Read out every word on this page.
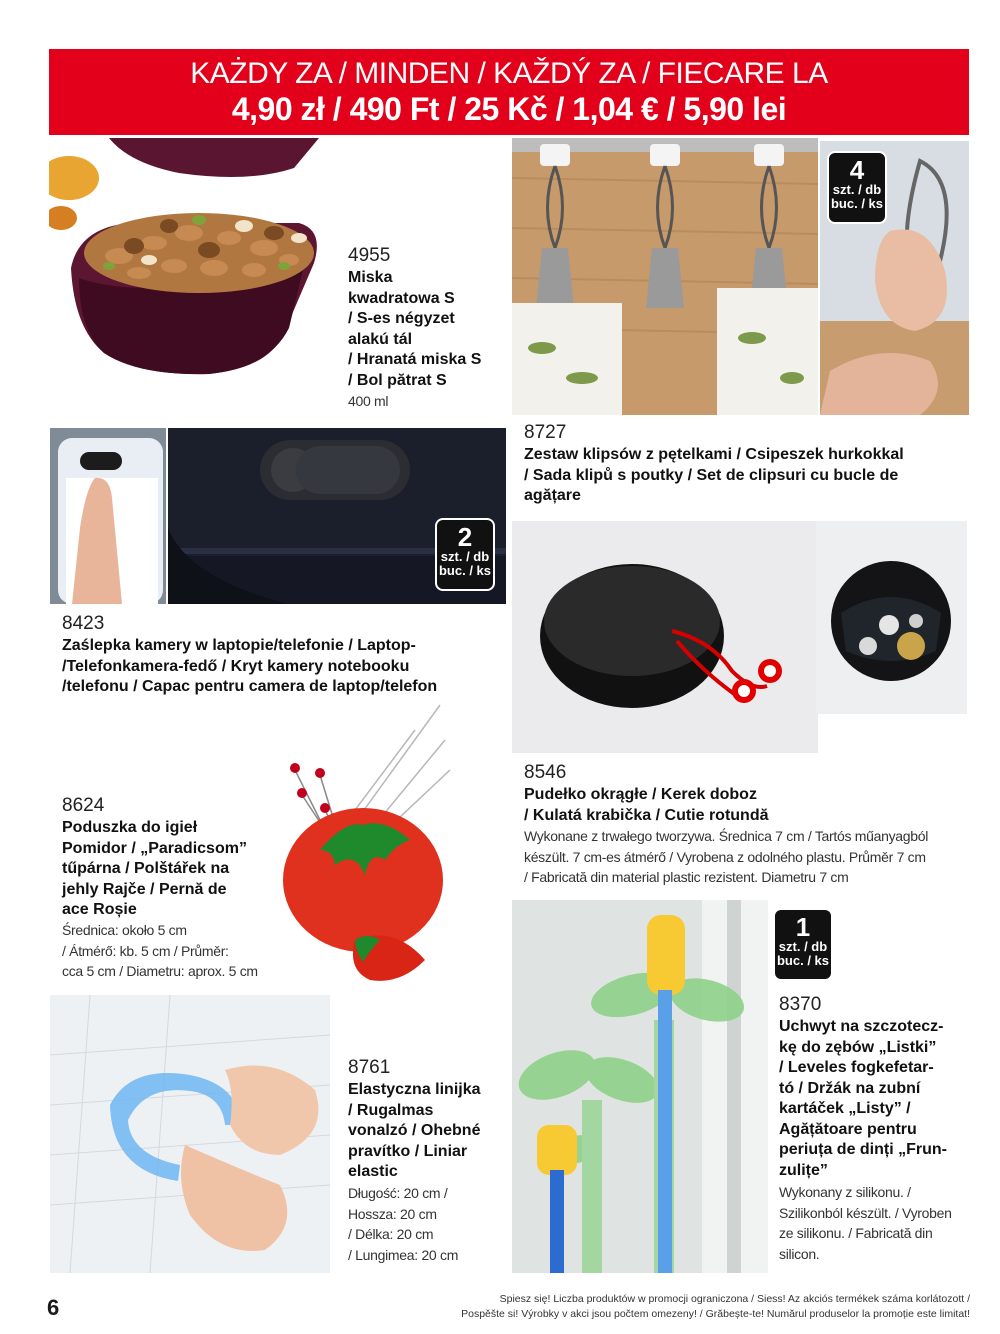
KAŻDY ZA / MINDEN / KAŽDÝ ZA / FIECARE LA
4,90 zł / 490 Ft / 25 Kč / 1,04 € / 5,90 lei
4955
Miska
kwadratowa S
/ S-es négyzet
alakú tál
/ Hranatá miska S
/ Bol pătrat S
400 ml
4
szt. / db
buc. / ks
8727
Zestaw klipsów z pętelkami / Csipeszek hurkokkal
/ Sada klipů s poutky / Set de clipsuri cu bucle de
agățare
2
szt. / db
buc. / ks
8423
Zaślepka kamery w laptopie/telefonie / Laptop-
/Telefonkamera-fedő / Kryt kamery notebooku
/telefonu / Capac pentru camera de laptop/telefon
8546
Pudełko okrągłe / Kerek doboz
/ Kulatá krabička / Cutie rotundă
Wykonane z trwałego tworzywa. Średnica 7 cm / Tartós műanyagból
készült. 7 cm-es átmérő / Vyrobena z odolného plastu. Průměr 7 cm
/ Fabricată din material plastic rezistent. Diametru 7 cm
8624
Poduszka do igieł
Pomidor / „Paradicsom”
tűpárna / Polštářek na
jehly Rajče / Pernă de
ace Roșie
Średnica: około 5 cm
/ Átmérő: kb. 5 cm / Průměr:
cca 5 cm / Diametru: aprox. 5 cm
1
szt. / db
buc. / ks
8370
Uchwyt na szczotecz-
kę do zębów „Listki”
/ Leveles fogkefetar-
tó / Držák na zubní
kartáček „Listy” /
Agățătoare pentru
periuța de dinți „Frun-
zulițe”
Wykonany z silikonu. /
Szilikonból készült. / Vyroben
ze silikonu. / Fabricată din
silicon.
8761
Elastyczna linijka
/ Rugalmas
vonalzó / Ohebné
pravítko / Liniar
elastic
Długość: 20 cm /
Hossza: 20 cm
/ Délka: 20 cm
/ Lungimea: 20 cm
6	Spiesz się! Liczba produktów w promocji ograniczona / Siess! Az akciós termékek száma korlátozott /
Pospěšte si! Výrobky v akci jsou počtem omezeny! / Grăbește-te! Numărul produselor la promoție este limitat!
